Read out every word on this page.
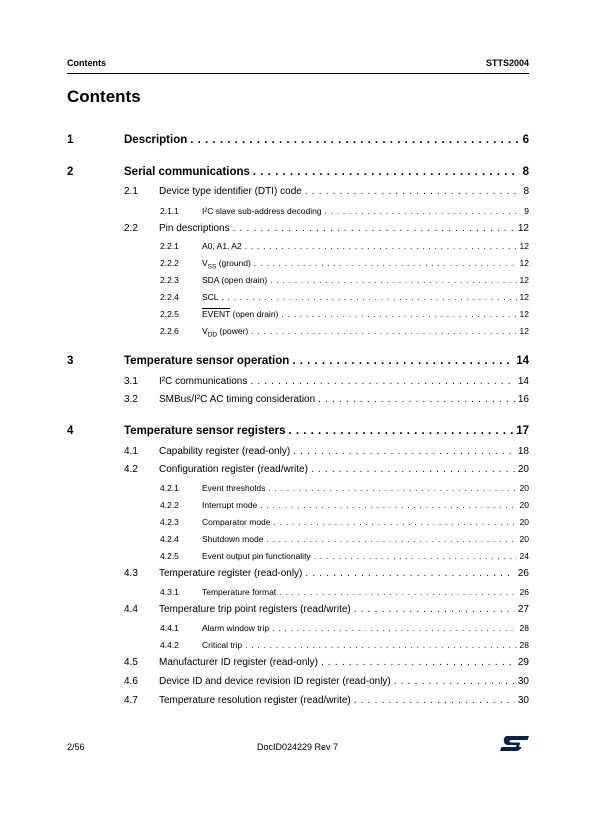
Contents	STTS2004
Contents
1	Description . . .	6
2	Serial communications . . .	8
2.1	Device type identifier (DTI) code . . .	8
2.1.1	I²C slave sub-address decoding . . .	9
2.2	Pin descriptions . . .	12
2.2.1	A0, A1, A2 . . .	12
2.2.2	$V_{SS}$ (ground) . . .	12
2.2.3	SDA (open drain) . . .	12
2.2.4	SCL . . .	12
2.2.5	EVENT (open drain) . . .	12
2.2.6	$V_{DD}$ (power) . . .	12
3	Temperature sensor operation . . .	14
3.1	I²C communications . . .	14
3.2	SMBus/I²C AC timing consideration . . .	16
4	Temperature sensor registers . . .	17
4.1	Capability register (read-only) . . .	18
4.2	Configuration register (read/write) . . .	20
4.2.1	Event thresholds . . .	20
4.2.2	Interrupt mode . . .	20
4.2.3	Comparator mode . . .	20
4.2.4	Shutdown mode . . .	20
4.2.5	Event output pin functionality . . .	24
4.3	Temperature register (read-only) . . .	26
4.3.1	Temperature format . . .	26
4.4	Temperature trip point registers (read/write) . . .	27
4.4.1	Alarm window trip . . .	28
4.4.2	Critical trip . . .	28
4.5	Manufacturer ID register (read-only) . . .	29
4.6	Device ID and device revision ID register (read-only) . . .	30
4.7	Temperature resolution register (read/write) . . .	30
2/56	DocID024229 Rev 7
